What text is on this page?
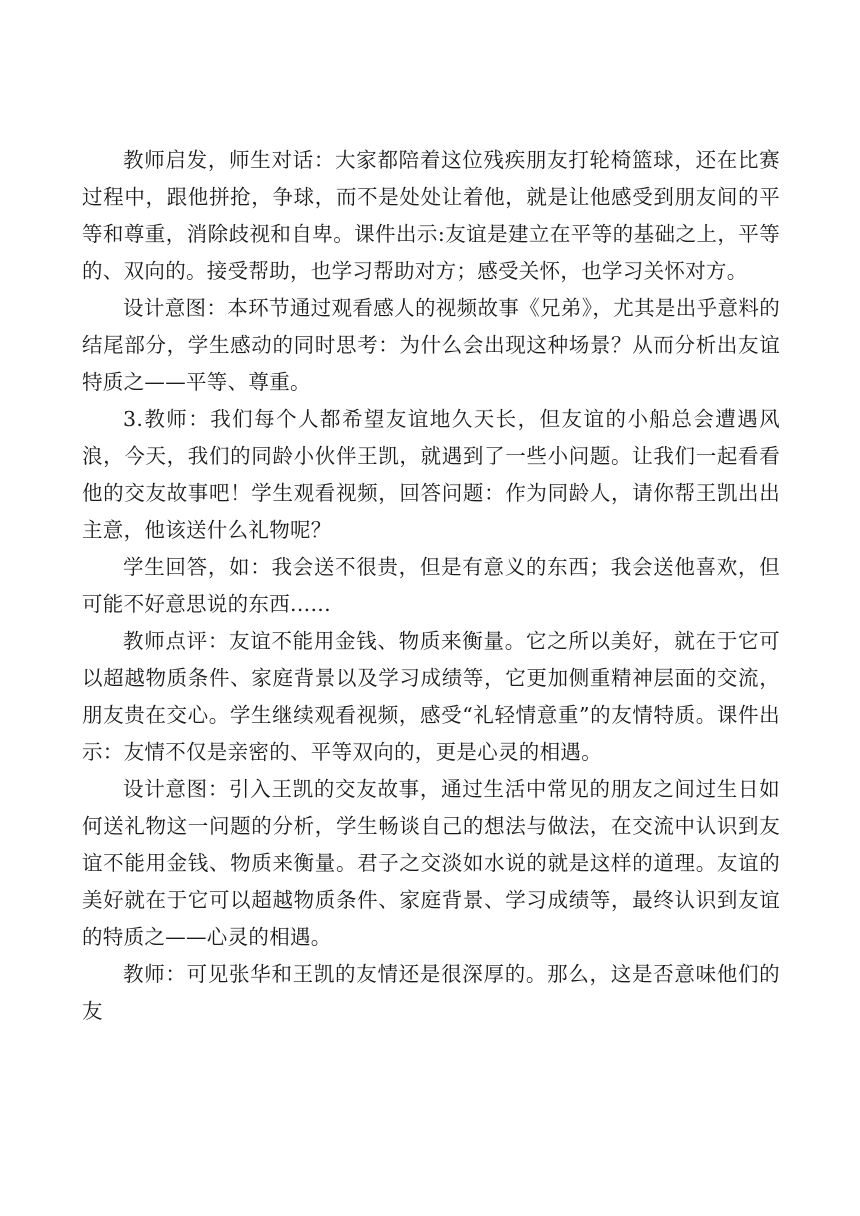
教师启发，师生对话：大家都陪着这位残疾朋友打轮椅篮球，还在比赛过程中，跟他拼抢，争球，而不是处处让着他，就是让他感受到朋友间的平等和尊重，消除歧视和自卑。课件出示:友谊是建立在平等的基础之上，平等的、双向的。接受帮助，也学习帮助对方；感受关怀，也学习关怀对方。

设计意图：本环节通过观看感人的视频故事《兄弟》，尤其是出乎意料的结尾部分，学生感动的同时思考：为什么会出现这种场景？从而分析出友谊特质之——平等、尊重。

3.教师：我们每个人都希望友谊地久天长，但友谊的小船总会遭遇风浪，今天，我们的同龄小伙伴王凯，就遇到了一些小问题。让我们一起看看他的交友故事吧！学生观看视频，回答问题：作为同龄人，请你帮王凯出出主意，他该送什么礼物呢？

学生回答，如：我会送不很贵，但是有意义的东西；我会送他喜欢，但可能不好意思说的东西......

教师点评：友谊不能用金钱、物质来衡量。它之所以美好，就在于它可以超越物质条件、家庭背景以及学习成绩等，它更加侧重精神层面的交流，朋友贵在交心。学生继续观看视频，感受“礼轻情意重”的友情特质。课件出示：友情不仅是亲密的、平等双向的，更是心灵的相遇。

设计意图：引入王凯的交友故事，通过生活中常见的朋友之间过生日如何送礼物这一问题的分析，学生畅谈自己的想法与做法，在交流中认识到友谊不能用金钱、物质来衡量。君子之交淡如水说的就是这样的道理。友谊的美好就在于它可以超越物质条件、家庭背景、学习成绩等，最终认识到友谊的特质之——心灵的相遇。

教师：可见张华和王凯的友情还是很深厚的。那么，这是否意味他们的友
